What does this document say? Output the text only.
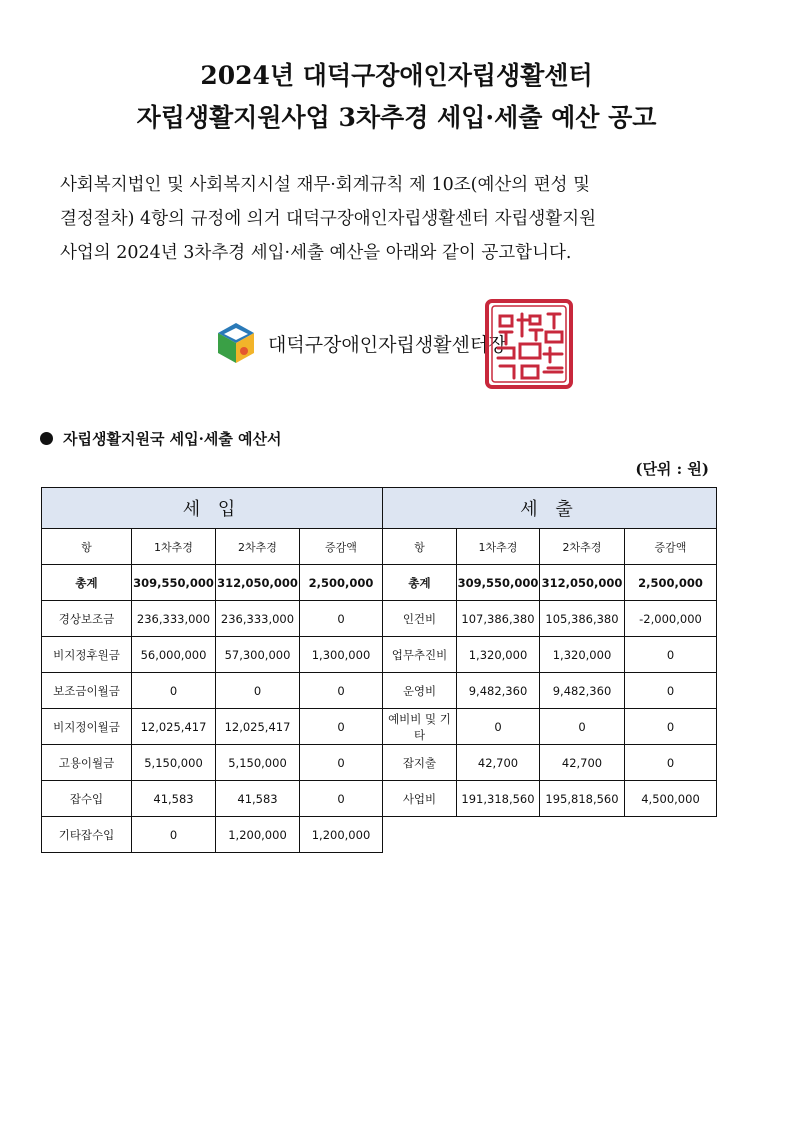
2024년 대덕구장애인자립생활센터
자립생활지원사업 3차추경 세입·세출 예산 공고
사회복지법인 및 사회복지시설 재무·회계규칙 제 10조(예산의 편성 및
결정절차) 4항의 규정에 의거 대덕구장애인자립생활센터 자립생활지원
사업의 2024년 3차추경 세입·세출 예산을 아래와 같이 공고합니다.
대덕구장애인자립생활센터장
자립생활지원국 세입·세출 예산서
(단위 : 원)
세 입				세 출			
항	1차추경	2차추경	증감액	항	1차추경	2차추경	증감액
총계	309,550,000	312,050,000	2,500,000	총계	309,550,000	312,050,000	2,500,000
경상보조금	236,333,000	236,333,000	0	인건비	107,386,380	105,386,380	-2,000,000
비지정후원금	56,000,000	57,300,000	1,300,000	업무추진비	1,320,000	1,320,000	0
보조금이월금	0	0	0	운영비	9,482,360	9,482,360	0
비지정이월금	12,025,417	12,025,417	0	예비비 및 기타	0	0	0
고용이월금	5,150,000	5,150,000	0	잡지출	42,700	42,700	0
잡수입	41,583	41,583	0	사업비	191,318,560	195,818,560	4,500,000
기타잡수입	0	1,200,000	1,200,000				
